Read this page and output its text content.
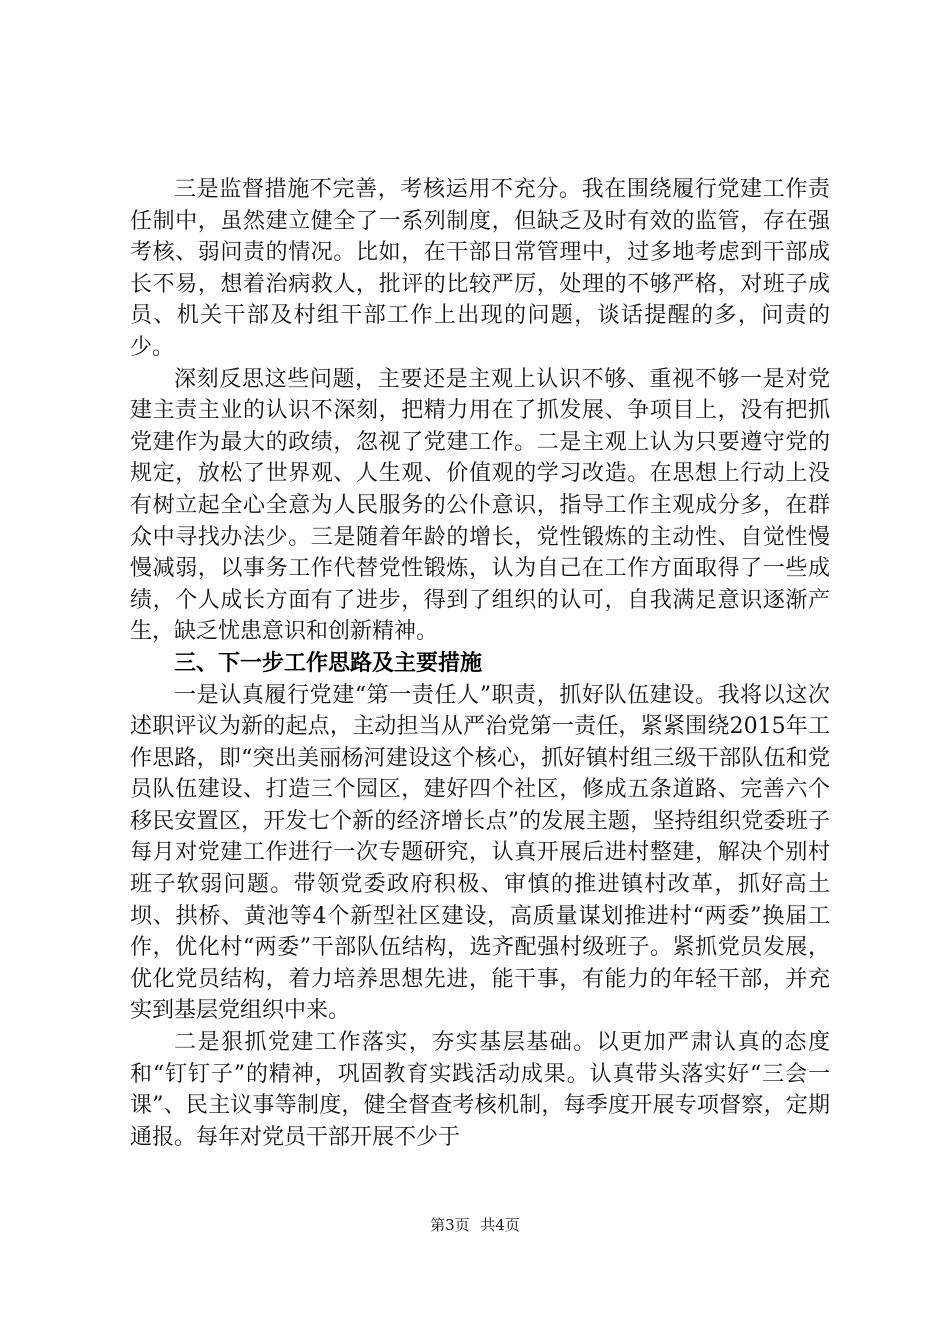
三是监督措施不完善，考核运用不充分。我在围绕履行党建工作责任制中，虽然建立健全了一系列制度，但缺乏及时有效的监管，存在强考核、弱问责的情况。比如，在干部日常管理中，过多地考虑到干部成长不易，想着治病救人，批评的比较严厉，处理的不够严格，对班子成员、机关干部及村组干部工作上出现的问题，谈话提醒的多，问责的少。

深刻反思这些问题，主要还是主观上认识不够、重视不够一是对党建主责主业的认识不深刻，把精力用在了抓发展、争项目上，没有把抓党建作为最大的政绩，忽视了党建工作。二是主观上认为只要遵守党的规定，放松了世界观、人生观、价值观的学习改造。在思想上行动上没有树立起全心全意为人民服务的公仆意识，指导工作主观成分多，在群众中寻找办法少。三是随着年龄的增长，党性锻炼的主动性、自觉性慢慢减弱，以事务工作代替党性锻炼，认为自己在工作方面取得了一些成绩，个人成长方面有了进步，得到了组织的认可，自我满足意识逐渐产生，缺乏忧患意识和创新精神。

三、下一步工作思路及主要措施

一是认真履行党建“第一责任人”职责，抓好队伍建设。我将以这次述职评议为新的起点，主动担当从严治党第一责任，紧紧围绕2015年工作思路，即“突出美丽杨河建设这个核心，抓好镇村组三级干部队伍和党员队伍建设、打造三个园区，建好四个社区，修成五条道路、完善六个移民安置区，开发七个新的经济增长点”的发展主题，坚持组织党委班子每月对党建工作进行一次专题研究，认真开展后进村整建，解决个别村班子软弱问题。带领党委政府积极、审慎的推进镇村改革，抓好高土坝、拱桥、黄池等4个新型社区建设，高质量谋划推进村“两委”换届工作，优化村“两委”干部队伍结构，选齐配强村级班子。紧抓党员发展，优化党员结构，着力培养思想先进，能干事，有能力的年轻干部，并充实到基层党组织中来。

二是狠抓党建工作落实，夯实基层基础。以更加严肃认真的态度和“钉钉子”的精神，巩固教育实践活动成果。认真带头落实好“三会一课”、民主议事等制度，健全督查考核机制，每季度开展专项督察，定期通报。每年对党员干部开展不少于

第3页 共4页
